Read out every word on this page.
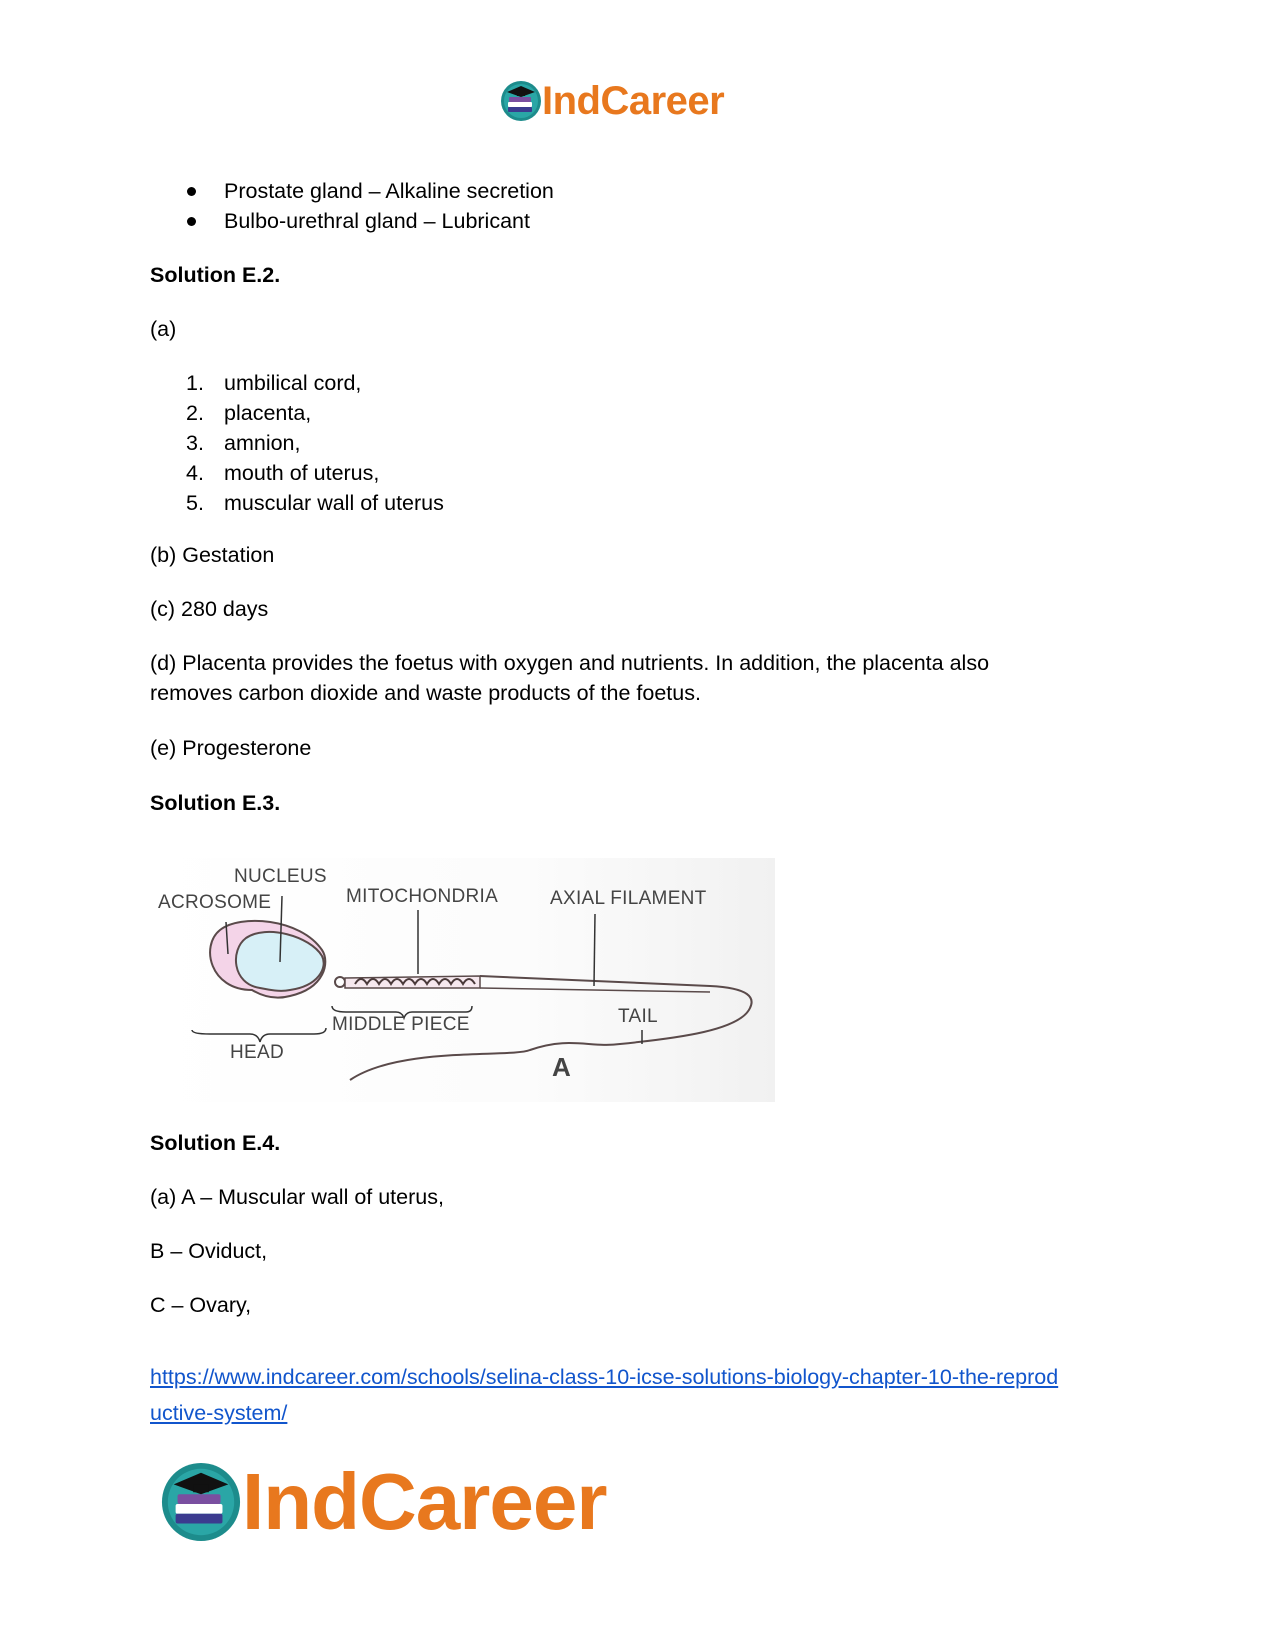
IndCareer
Prostate gland – Alkaline secretion
Bulbo-urethral gland – Lubricant
Solution E.2.
(a)
1. umbilical cord,
2. placenta,
3. amnion,
4. mouth of uterus,
5. muscular wall of uterus
(b) Gestation
(c) 280 days
(d) Placenta provides the foetus with oxygen and nutrients. In addition, the placenta also
removes carbon dioxide and waste products of the foetus.
(e) Progesterone
Solution E.3.
Solution E.4.
(a) A – Muscular wall of uterus,
B – Oviduct,
C – Ovary,
https://www.indcareer.com/schools/selina-class-10-icse-solutions-biology-chapter-10-the-reprod
uctive-system/
NUCLEUS
ACROSOME	MITOCHONDRIA	AXIAL FILAMENT
MIDDLE PIECE	TAIL
HEAD	A
IndCareer
